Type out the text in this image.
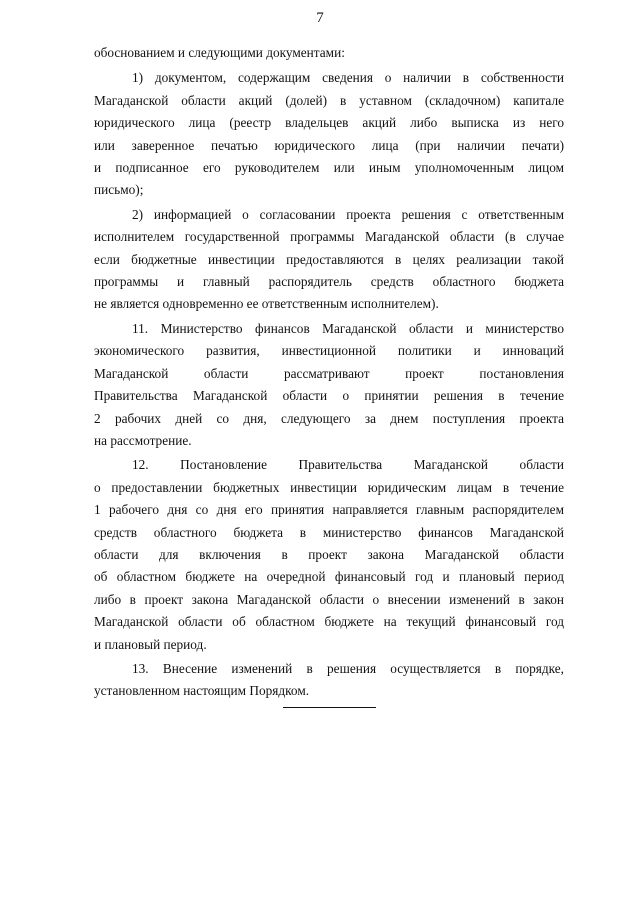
7

обоснованием и следующими документами:

1) документом, содержащим сведения о наличии в собственности
Магаданской области акций (долей) в уставном (складочном) капитале
юридического лица (реестр владельцев акций либо выписка из него
или заверенное печатью юридического лица (при наличии печати)
и подписанное его руководителем или иным уполномоченным лицом
письмо);

2) информацией о согласовании проекта решения с ответственным
исполнителем государственной программы Магаданской области (в случае
если бюджетные инвестиции предоставляются в целях реализации такой
программы и главный распорядитель средств областного бюджета
не является одновременно ее ответственным исполнителем).

11. Министерство финансов Магаданской области и министерство
экономического развития, инвестиционной политики и инноваций
Магаданской области рассматривают проект постановления
Правительства Магаданской области о принятии решения в течение
2 рабочих дней со дня, следующего за днем поступления проекта
на рассмотрение.

12. Постановление Правительства Магаданской области
о предоставлении бюджетных инвестиции юридическим лицам в течение
1 рабочего дня со дня его принятия направляется главным распорядителем
средств областного бюджета в министерство финансов Магаданской
области для включения в проект закона Магаданской области
об областном бюджете на очередной финансовый год и плановый период
либо в проект закона Магаданской области о внесении изменений в закон
Магаданской области об областном бюджете на текущий финансовый год
и плановый период.

13. Внесение изменений в решения осуществляется в порядке,
установленном настоящим Порядком.
